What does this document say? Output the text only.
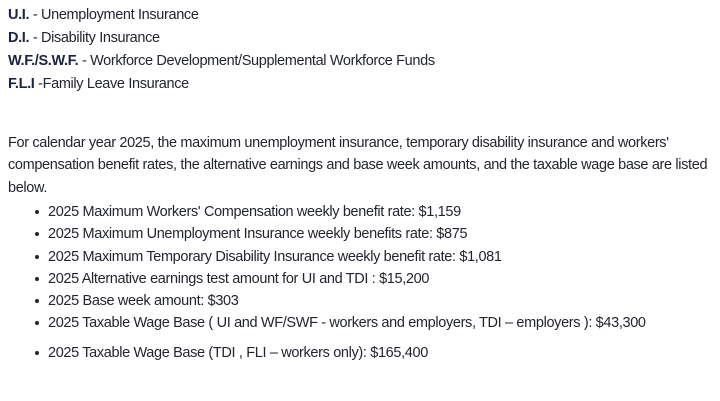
U.I. - Unemployment Insurance
D.I. - Disability Insurance
W.F./S.W.F. - Workforce Development/Supplemental Workforce Funds
F.L.I -Family Leave Insurance

For calendar year 2025, the maximum unemployment insurance, temporary disability insurance and workers' compensation benefit rates, the alternative earnings and base week amounts, and the taxable wage base are listed below.

2025 Maximum Workers' Compensation weekly benefit rate: $1,159
2025 Maximum Unemployment Insurance weekly benefits rate: $875
2025 Maximum Temporary Disability Insurance weekly benefit rate: $1,081
2025 Alternative earnings test amount for UI and TDI : $15,200
2025 Base week amount: $303
2025 Taxable Wage Base ( UI and WF/SWF - workers and employers, TDI – employers ): $43,300
2025 Taxable Wage Base (TDI , FLI – workers only): $165,400
